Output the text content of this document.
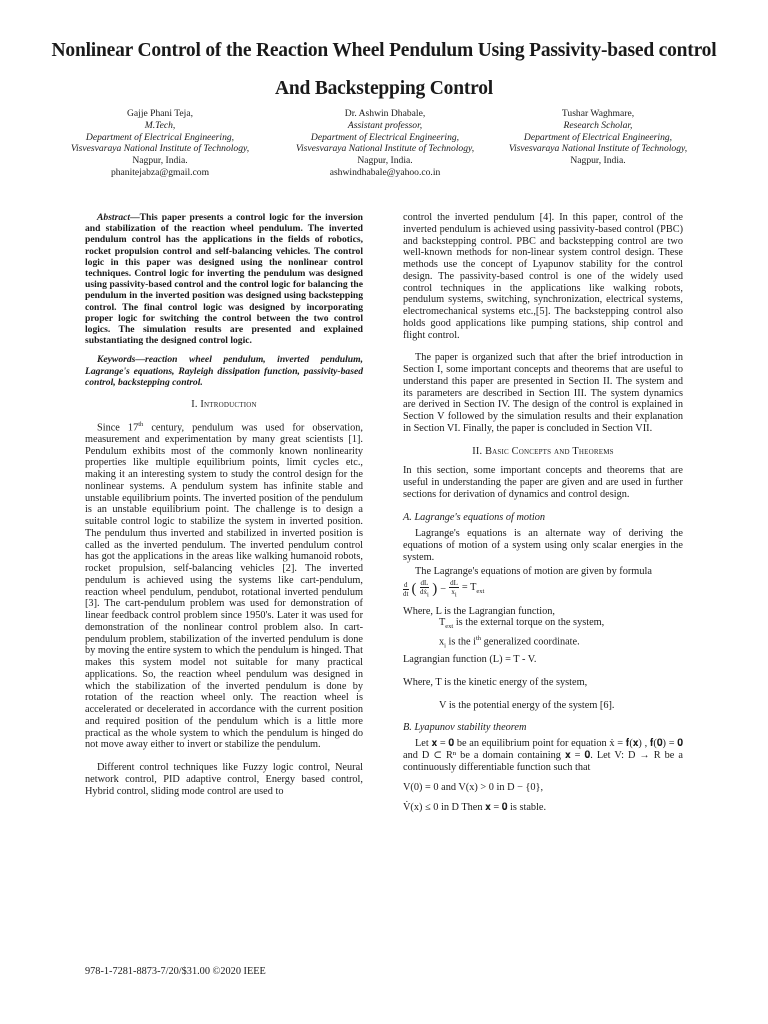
Nonlinear Control of the Reaction Wheel Pendulum Using Passivity-based control And Backstepping Control
Gajje Phani Teja,
M.Tech,
Department of Electrical Engineering,
Visvesvaraya National Institute of Technology,
Nagpur, India.
phanitejabza@gmail.com
Dr. Ashwin Dhabale,
Assistant professor,
Department of Electrical Engineering,
Visvesvaraya National Institute of Technology,
Nagpur, India.
ashwindhabale@yahoo.co.in
Tushar Waghmare,
Research Scholar,
Department of Electrical Engineering,
Visvesvaraya National Institute of Technology,
Nagpur, India.
Abstract—This paper presents a control logic for the inversion and stabilization of the reaction wheel pendulum. The inverted pendulum control has the applications in the fields of robotics, rocket propulsion control and self-balancing vehicles. The control logic in this paper was designed using the nonlinear control techniques. Control logic for inverting the pendulum was designed using passivity-based control and the control logic for balancing the pendulum in the inverted position was designed using backstepping control. The final control logic was designed by incorporating proper logic for switching the control between the two control logics. The simulation results are presented and explained substantiating the designed control logic.
Keywords—reaction wheel pendulum, inverted pendulum, Lagrange's equations, Rayleigh dissipation function, passivity-based control, backstepping control.
I. Introduction

Since 17th century, pendulum was used for observation, measurement and experimentation by many great scientists [1]. Pendulum exhibits most of the commonly known nonlinearity properties like multiple equilibrium points, limit cycles etc., making it an interesting system to study the control design for the nonlinear systems. A pendulum system has infinite stable and unstable equilibrium points. The inverted position of the pendulum is an unstable equilibrium point. The challenge is to design a suitable control logic to stabilize the system in inverted position. The pendulum thus inverted and stabilized in inverted position is called as the inverted pendulum. The inverted pendulum control has got the applications in the areas like walking humanoid robots, rocket propulsion, self-balancing vehicles [2]. The inverted pendulum is achieved using the systems like cart-pendulum, reaction wheel pendulum, pendubot, rotational inverted pendulum [3]. The cart-pendulum problem was used for demonstration of linear feedback control problem since 1950's. Later it was used for demonstration of the nonlinear control problem also. In cart-pendulum problem, stabilization of the inverted pendulum is done by moving the entire system to which the pendulum is hinged. That makes this system model not suitable for many practical applications. So, the reaction wheel pendulum was designed in which the stabilization of the inverted pendulum is done by rotation of the reaction wheel only. The reaction wheel is accelerated or decelerated in accordance with the current position and required position of the pendulum which is a little more practical as the whole system to which the pendulum is hinged do not move away either to invert or stabilize the pendulum.

Different control techniques like Fuzzy logic control, Neural network control, PID adaptive control, Energy based control, Hybrid control, sliding mode control are used to

control the inverted pendulum [4]. In this paper, control of the inverted pendulum is achieved using passivity-based control (PBC) and backstepping control. PBC and backstepping control are two well-known methods for non-linear system control design. These methods use the concept of Lyapunov stability for the control design. The passivity-based control is one of the widely used control techniques in the applications like walking robots, pendulum systems, switching, synchronization, electrical systems, electromechanical systems etc.,[5]. The backstepping control also holds good applications like pumping stations, ship control and flight control.

The paper is organized such that after the brief introduction in Section I, some important concepts and theorems that are useful to understand this paper are presented in Section II. The system and its parameters are described in Section III. The system dynamics are derived in Section IV. The design of the control is explained in Section V followed by the simulation results and their explanation in Section VI. Finally, the paper is concluded in Section VII.

II. Basic Concepts and Theorems

In this section, some important concepts and theorems that are useful in understanding the paper are given and are used in further sections for derivation of dynamics and control design.

A. Lagrange's equations of motion

Lagrange's equations is an alternate way of deriving the equations of motion of a system using only scalar energies in the system.

The Lagrange's equations of motion are given by formula

$\frac{d}{dt}$ ( $\frac{dL}{dẋ_i}$ ) − $\frac{dL}{x_i} = T_{ext}$
Where, L is the Lagrangian function,
$T_{ext}$ is the external torque on the system,
$x_i$ is the $i^{th}$ generalized coordinate.
Lagrangian function (L) = T - V.
Where, T is the kinetic energy of the system,
V is the potential energy of the system [6].
B. Lyapunov stability theorem

Let 𝐱 = 𝟎 be an equilibrium point for equation ẋ = 𝐟(𝐱) , 𝐟(𝟎) = 𝟎 and D ⊂ Rⁿ be a domain containing 𝐱 = 𝟎. Let V: D → R be a continuously differentiable function such that

V(0) = 0 and V(x) > 0 in D − {0},
V̇(x) ≤ 0 in D Then 𝐱 = 𝟎 is stable.
978-1-7281-8873-7/20/$31.00 ©2020 IEEE
